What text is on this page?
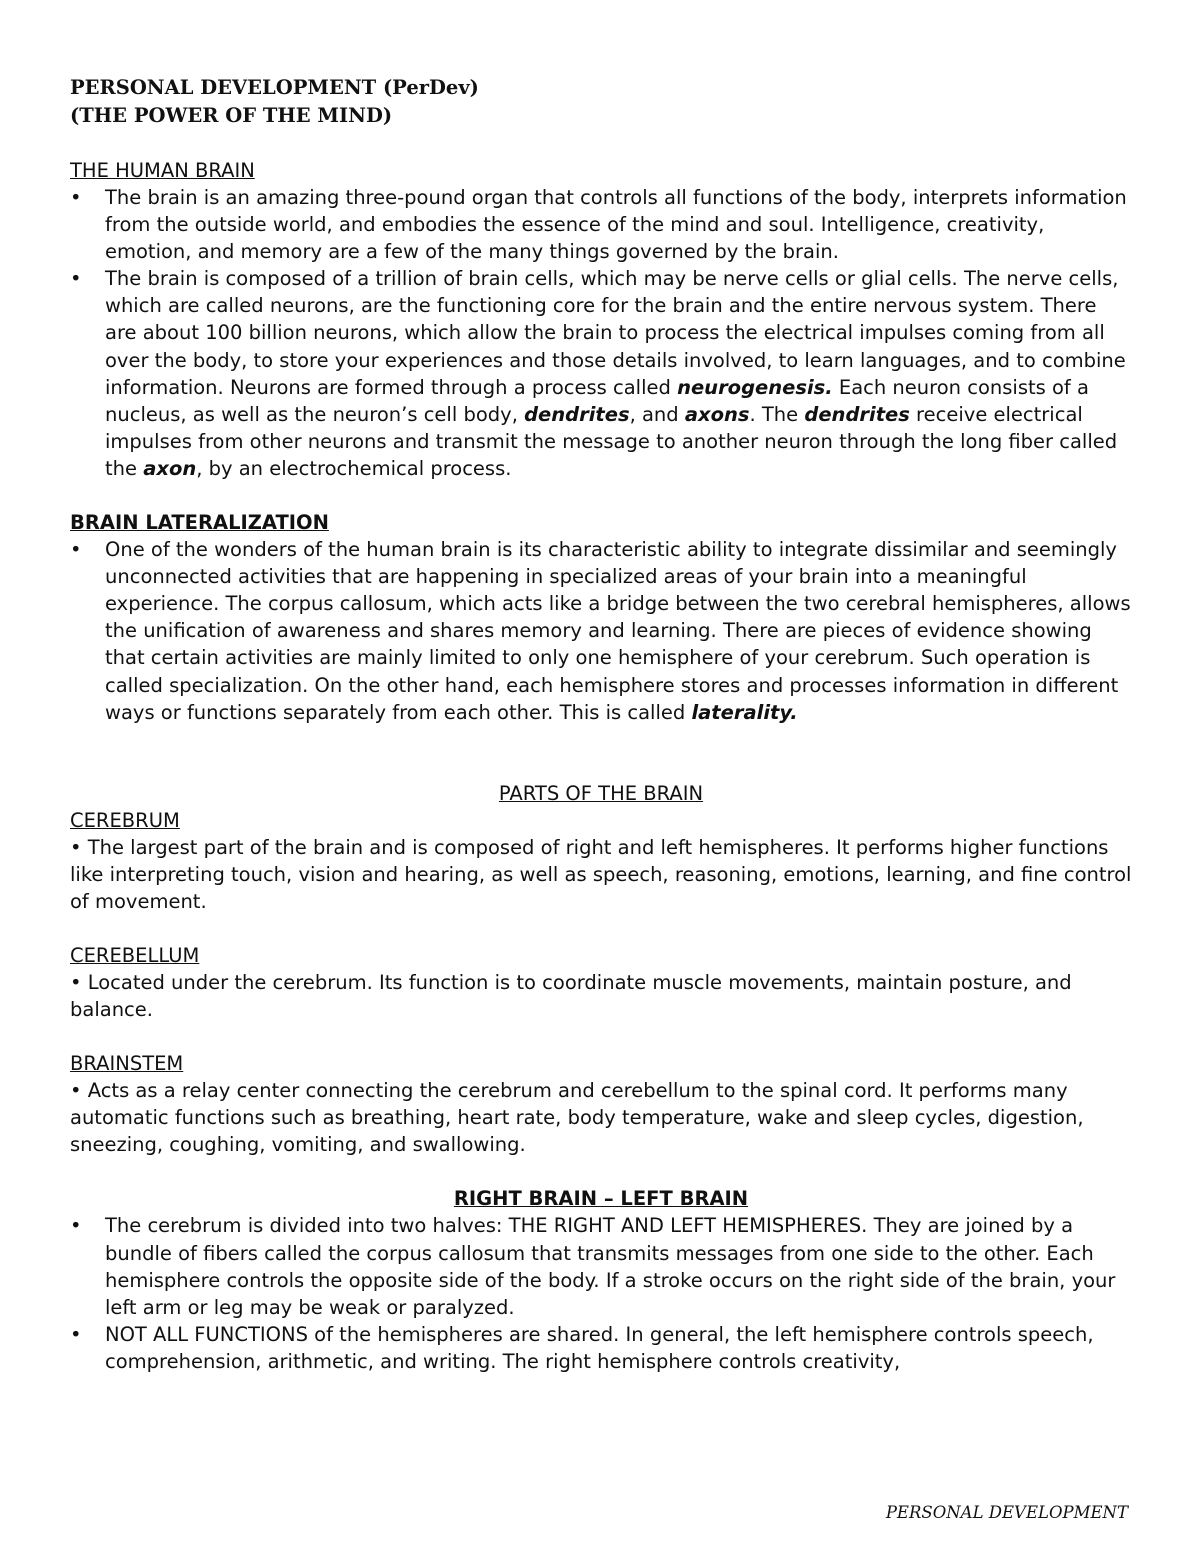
PERSONAL DEVELOPMENT (PerDev)

(THE POWER OF THE MIND)

THE HUMAN BRAIN
• The brain is an amazing three-pound organ that controls all functions of the body, interprets information from the outside world, and embodies the essence of the mind and soul. Intelligence, creativity, emotion, and memory are a few of the many things governed by the brain.
• The brain is composed of a trillion of brain cells, which may be nerve cells or glial cells. The nerve cells, which are called neurons, are the functioning core for the brain and the entire nervous system. There are about 100 billion neurons, which allow the brain to process the electrical impulses coming from all over the body, to store your experiences and those details involved, to learn languages, and to combine information. Neurons are formed through a process called neurogenesis. Each neuron consists of a nucleus, as well as the neuron’s cell body, dendrites, and axons. The dendrites receive electrical impulses from other neurons and transmit the message to another neuron through the long fiber called the axon, by an electrochemical process.
BRAIN LATERALIZATION
• One of the wonders of the human brain is its characteristic ability to integrate dissimilar and seemingly unconnected activities that are happening in specialized areas of your brain into a meaningful experience. The corpus callosum, which acts like a bridge between the two cerebral hemispheres, allows the unification of awareness and shares memory and learning. There are pieces of evidence showing that certain activities are mainly limited to only one hemisphere of your cerebrum. Such operation is called specialization. On the other hand, each hemisphere stores and processes information in different ways or functions separately from each other. This is called laterality.
PARTS OF THE BRAIN
CEREBRUM

• The largest part of the brain and is composed of right and left hemispheres. It performs higher functions like interpreting touch, vision and hearing, as well as speech, reasoning, emotions, learning, and fine control of movement.

CEREBELLUM

• Located under the cerebrum. Its function is to coordinate muscle movements, maintain posture, and balance.

BRAINSTEM

• Acts as a relay center connecting the cerebrum and cerebellum to the spinal cord. It performs many automatic functions such as breathing, heart rate, body temperature, wake and sleep cycles, digestion, sneezing, coughing, vomiting, and swallowing.

RIGHT BRAIN – LEFT BRAIN
• The cerebrum is divided into two halves: THE RIGHT AND LEFT HEMISPHERES. They are joined by a bundle of fibers called the corpus callosum that transmits messages from one side to the other. Each hemisphere controls the opposite side of the body. If a stroke occurs on the right side of the brain, your left arm or leg may be weak or paralyzed.
• NOT ALL FUNCTIONS of the hemispheres are shared. In general, the left hemisphere controls speech, comprehension, arithmetic, and writing. The right hemisphere controls creativity,
PERSONAL DEVELOPMENT
